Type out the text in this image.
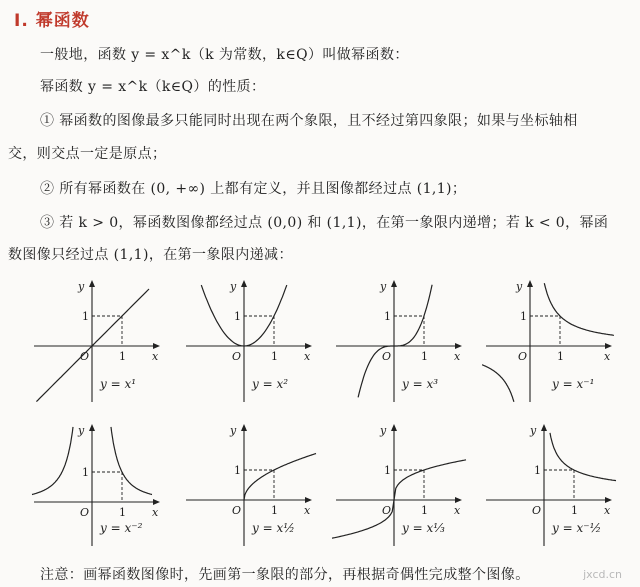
I. 幂函数
一般地，函数 y = x^k（k 为常数，k∈Q）叫做幂函数：
幂函数 y = x^k（k∈Q）的性质：
① 幂函数的图像最多只能同时出现在两个象限，且不经过第四象限；如果与坐标轴相
交，则交点一定是原点；
② 所有幂函数在 (0, +∞) 上都有定义，并且图像都经过点 (1,1)；
③ 若 k > 0，幂函数图像都经过点 (0,0) 和 (1,1)，在第一象限内递增；若 k < 0，幂函
数图像只经过点 (1,1)，在第一象限内递减：
x
y
O	1
1
y = x¹
x
y
O	1
1
y = x²
x
y
O	1
1
y = x³
x
y
O	1
1
y = x⁻¹
x
y
O	1
1
y = x⁻²
x
y
O	1
1
y = x½
x
y
O	1
1
y = x⅓
x
y
O	1
1
y = x⁻½
注意：画幂函数图像时，先画第一象限的部分，再根据奇偶性完成整个图像。	jxcd.cn
